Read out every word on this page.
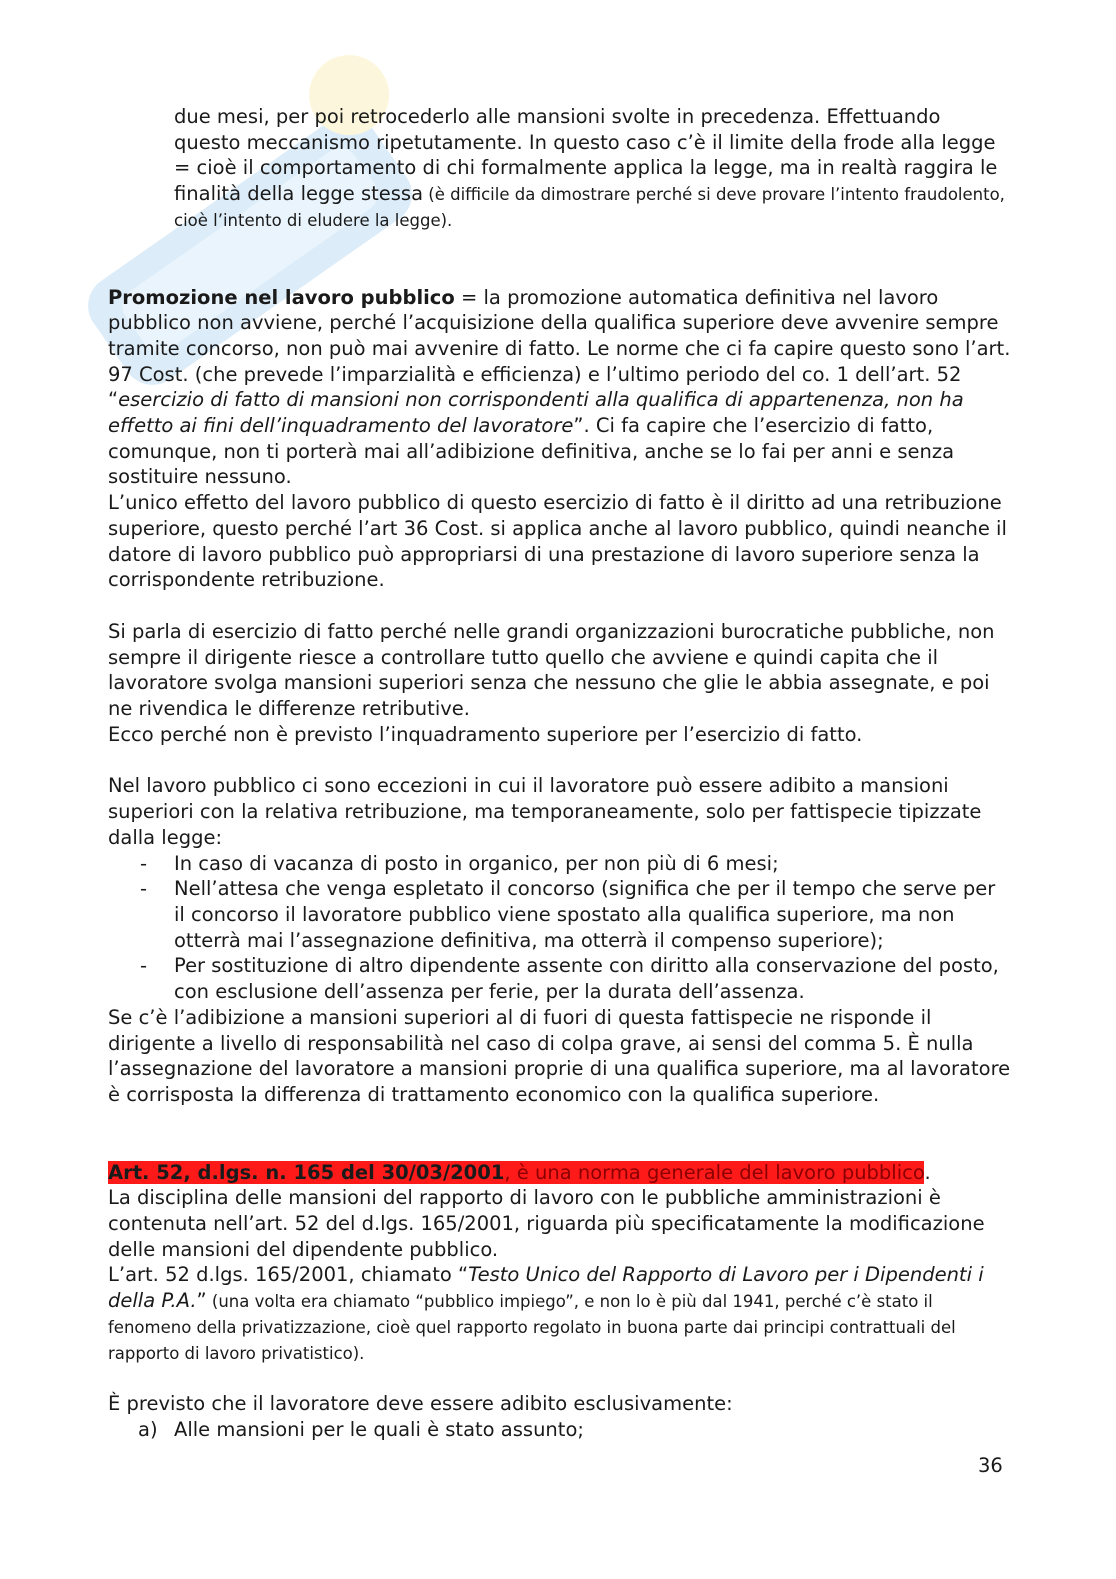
due mesi, per poi retrocederlo alle mansioni svolte in precedenza. Effettuando questo meccanismo ripetutamente. In questo caso c’è il limite della frode alla legge = cioè il comportamento di chi formalmente applica la legge, ma in realtà raggira le finalità della legge stessa (è difficile da dimostrare perché si deve provare l’intento fraudolento, cioè l’intento di eludere la legge).

Promozione nel lavoro pubblico = la promozione automatica definitiva nel lavoro pubblico non avviene, perché l’acquisizione della qualifica superiore deve avvenire sempre tramite concorso, non può mai avvenire di fatto. Le norme che ci fa capire questo sono l’art. 97 Cost. (che prevede l’imparzialità e efficienza) e l’ultimo periodo del co. 1 dell’art. 52 “esercizio di fatto di mansioni non corrispondenti alla qualifica di appartenenza, non ha effetto ai fini dell’inquadramento del lavoratore”. Ci fa capire che l’esercizio di fatto, comunque, non ti porterà mai all’adibizione definitiva, anche se lo fai per anni e senza sostituire nessuno.

L’unico effetto del lavoro pubblico di questo esercizio di fatto è il diritto ad una retribuzione superiore, questo perché l’art 36 Cost. si applica anche al lavoro pubblico, quindi neanche il datore di lavoro pubblico può appropriarsi di una prestazione di lavoro superiore senza la corrispondente retribuzione.

Si parla di esercizio di fatto perché nelle grandi organizzazioni burocratiche pubbliche, non sempre il dirigente riesce a controllare tutto quello che avviene e quindi capita che il lavoratore svolga mansioni superiori senza che nessuno che glie le abbia assegnate, e poi ne rivendica le differenze retributive.

Ecco perché non è previsto l’inquadramento superiore per l’esercizio di fatto.

Nel lavoro pubblico ci sono eccezioni in cui il lavoratore può essere adibito a mansioni superiori con la relativa retribuzione, ma temporaneamente, solo per fattispecie tipizzate dalla legge:

- In caso di vacanza di posto in organico, per non più di 6 mesi;
- Nell’attesa che venga espletato il concorso (significa che per il tempo che serve per il concorso il lavoratore pubblico viene spostato alla qualifica superiore, ma non otterrà mai l’assegnazione definitiva, ma otterrà il compenso superiore);
- Per sostituzione di altro dipendente assente con diritto alla conservazione del posto, con esclusione dell’assenza per ferie, per la durata dell’assenza.

Se c’è l’adibizione a mansioni superiori al di fuori di questa fattispecie ne risponde il dirigente a livello di responsabilità nel caso di colpa grave, ai sensi del comma 5. È nulla l’assegnazione del lavoratore a mansioni proprie di una qualifica superiore, ma al lavoratore è corrisposta la differenza di trattamento economico con la qualifica superiore.

Art. 52, d.lgs. n. 165 del 30/03/2001, è una norma generale del lavoro pubblico.

La disciplina delle mansioni del rapporto di lavoro con le pubbliche amministrazioni è contenuta nell’art. 52 del d.lgs. 165/2001, riguarda più specificatamente la modificazione delle mansioni del dipendente pubblico.

L’art. 52 d.lgs. 165/2001, chiamato “Testo Unico del Rapporto di Lavoro per i Dipendenti i della P.A.” (una volta era chiamato “pubblico impiego”, e non lo è più dal 1941, perché c’è stato il fenomeno della privatizzazione, cioè quel rapporto regolato in buona parte dai principi contrattuali del rapporto di lavoro privatistico).

È previsto che il lavoratore deve essere adibito esclusivamente:

a) Alle mansioni per le quali è stato assunto;
36
